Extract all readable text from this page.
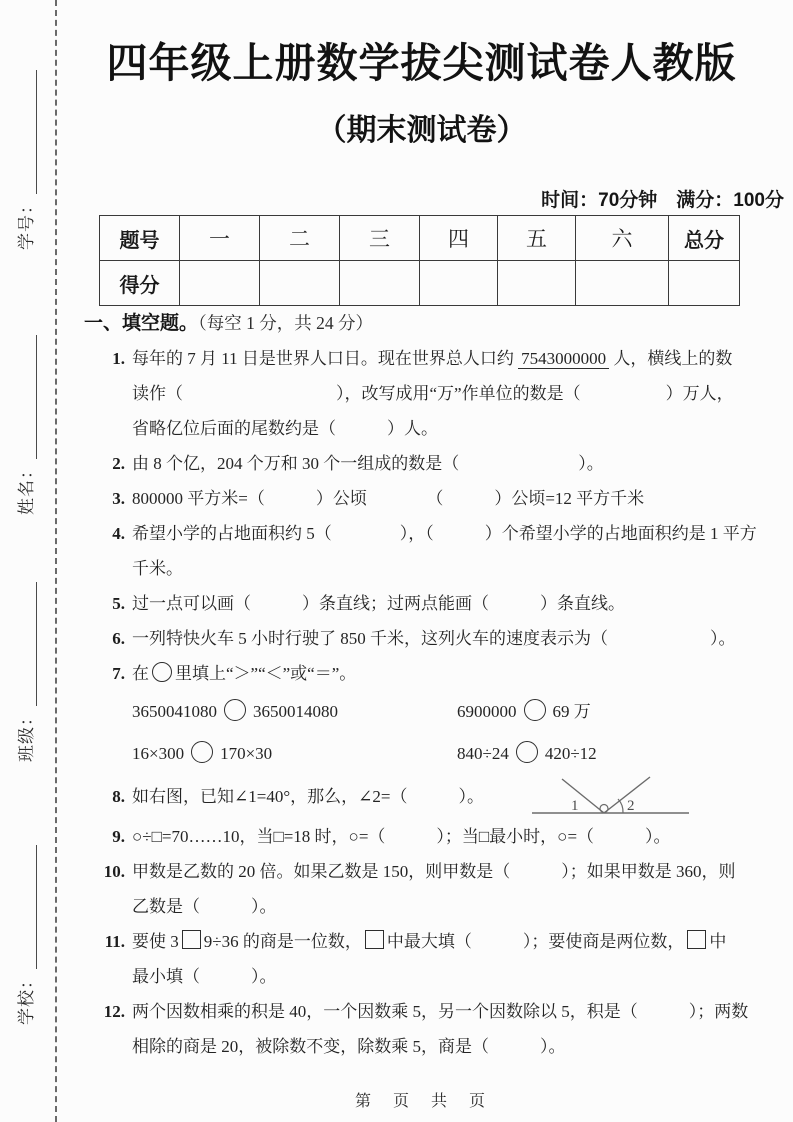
学号：
姓名：
班级：
学校：
四年级上册数学拔尖测试卷人教版
（期末测试卷）
时间：70分钟　满分：100分
题号	一	二	三	四	五	六	总分
得分							
一、填空题。（每空 1 分，共 24 分）
1. 每年的 7 月 11 日是世界人口日。现在世界总人口约 7543000000 人，横线上的数
读作（　　　　　　　　　），改写成用“万”作单位的数是（　　　　　）万人，
省略亿位后面的尾数约是（　　　）人。
2. 由 8 个亿，204 个万和 30 个一组成的数是（　　　　　　　）。
3. 800000 平方米=（　　　）公顷　　　　（　　　）公顷=12 平方千米
4. 希望小学的占地面积约 5（　　　　），（　　　）个希望小学的占地面积约是 1 平方
千米。
5. 过一点可以画（　　　）条直线；过两点能画（　　　）条直线。
6. 一列特快火车 5 小时行驶了 850 千米，这列火车的速度表示为（　　　　　　）。
7. 在 里填上“＞”“＜”或“＝”。
3650041080 3650014080	6900000 69 万
16×300 170×30	840÷24 420÷12
8. 如右图，已知∠1=40°，那么，∠2=（　　　）。	1	2
9. ○÷□=70……10，当□=18 时，○=（　　　）；当□最小时，○=（　　　）。
10. 甲数是乙数的 20 倍。如果乙数是 150，则甲数是（　　　）；如果甲数是 360，则
乙数是（　　　）。
11. 要使 3 9÷36 的商是一位数， 中最大填（　　　）；要使商是两位数， 中
最小填（　　　）。
12. 两个因数相乘的积是 40，一个因数乘 5，另一个因数除以 5，积是（　　　）；两数
相除的商是 20，被除数不变，除数乘 5，商是（　　　）。
第　页　共　页
